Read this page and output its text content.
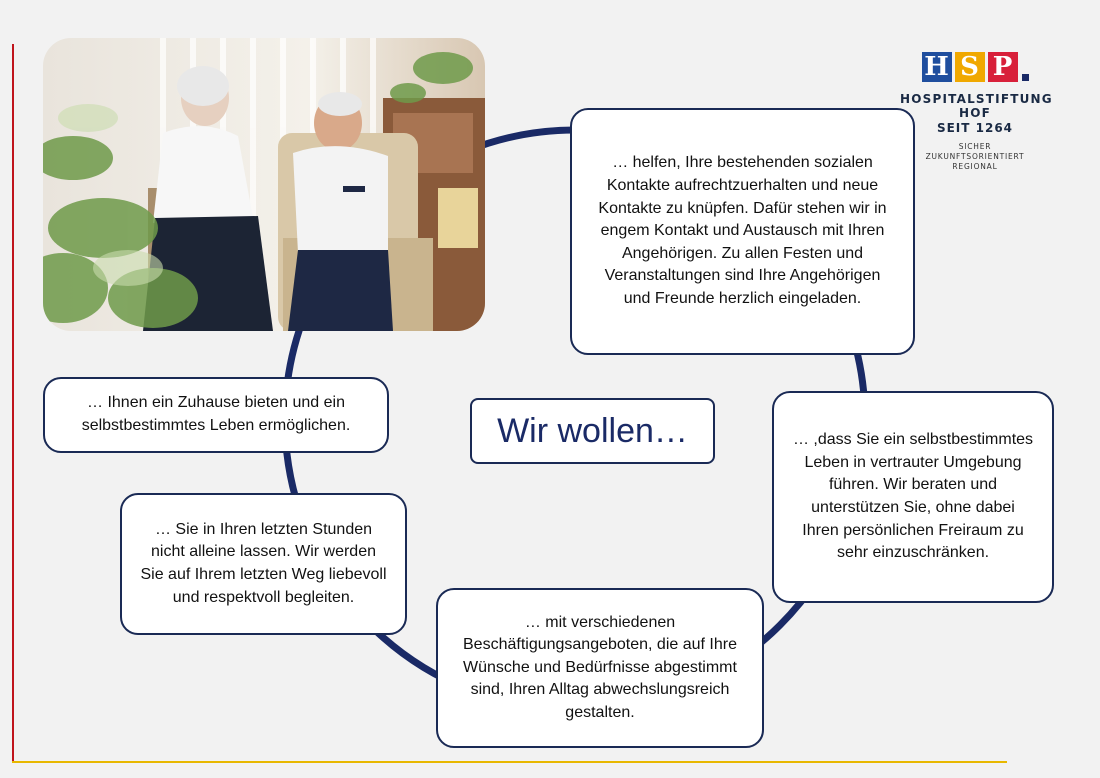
H S P
HOSPITALSTIFTUNG HOF
SEIT 1264
SICHER
ZUKUNFTSORIENTIERT
REGIONAL
… helfen, Ihre bestehenden sozialen Kontakte aufrechtzuerhalten und neue Kontakte zu knüpfen. Dafür stehen wir in engem Kontakt und Austausch mit Ihren Angehörigen. Zu allen Festen und Veranstaltungen sind Ihre Angehörigen und Freunde herzlich eingeladen.
… ,dass Sie ein selbstbestimmtes Leben in vertrauter Umgebung führen. Wir beraten und unterstützen Sie, ohne dabei Ihren persönlichen Freiraum zu sehr einzuschränken.
… mit verschiedenen Beschäftigungsangeboten, die auf Ihre Wünsche und Bedürfnisse abgestimmt sind, Ihren Alltag abwechslungsreich gestalten.
… Sie in Ihren letzten Stunden nicht alleine lassen. Wir werden Sie auf Ihrem letzten Weg liebevoll und respektvoll begleiten.
… Ihnen ein Zuhause bieten und ein selbstbestimmtes Leben ermöglichen.	Wir wollen…
